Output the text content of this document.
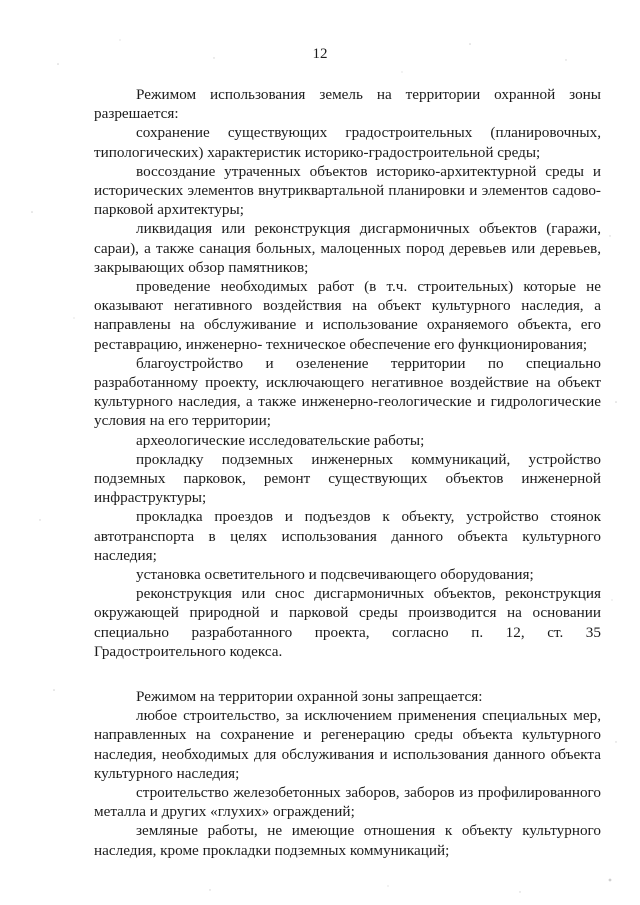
12

Режимом использования земель на территории охранной зоны разрешается:

сохранение существующих градостроительных (планировочных, типологических) характеристик историко-градостроительной среды;

воссоздание утраченных объектов историко-архитектурной среды и исторических элементов внутриквартальной планировки и элементов садово-парковой архитектуры;

ликвидация или реконструкция дисгармоничных объектов (гаражи, сараи), а также санация больных, малоценных пород деревьев или деревьев, закрывающих обзор памятников;

проведение необходимых работ (в т.ч. строительных) которые не оказывают негативного воздействия на объект культурного наследия, а направлены на обслуживание и использование охраняемого объекта, его реставрацию, инженерно- техническое обеспечение его функционирования;

благоустройство и озеленение территории по специально разработанному проекту, исключающего негативное воздействие на объект культурного наследия, а также инженерно-геологические и гидрологические условия на его территории;

археологические исследовательские работы;

прокладку подземных инженерных коммуникаций, устройство подземных парковок, ремонт существующих объектов инженерной инфраструктуры;

прокладка проездов и подъездов к объекту, устройство стоянок автотранспорта в целях использования данного объекта культурного наследия;

установка осветительного и подсвечивающего оборудования;

реконструкция или снос дисгармоничных объектов, реконструкция окружающей природной и парковой среды производится на основании специально разработанного проекта, согласно п. 12, ст. 35 Градостроительного кодекса.

Режимом на территории охранной зоны запрещается:

любое строительство, за исключением применения специальных мер, направленных на сохранение и регенерацию среды объекта культурного наследия, необходимых для обслуживания и использования данного объекта культурного наследия;

строительство железобетонных заборов, заборов из профилированного металла и других «глухих» ограждений;

земляные работы, не имеющие отношения к объекту культурного наследия, кроме прокладки подземных коммуникаций;
